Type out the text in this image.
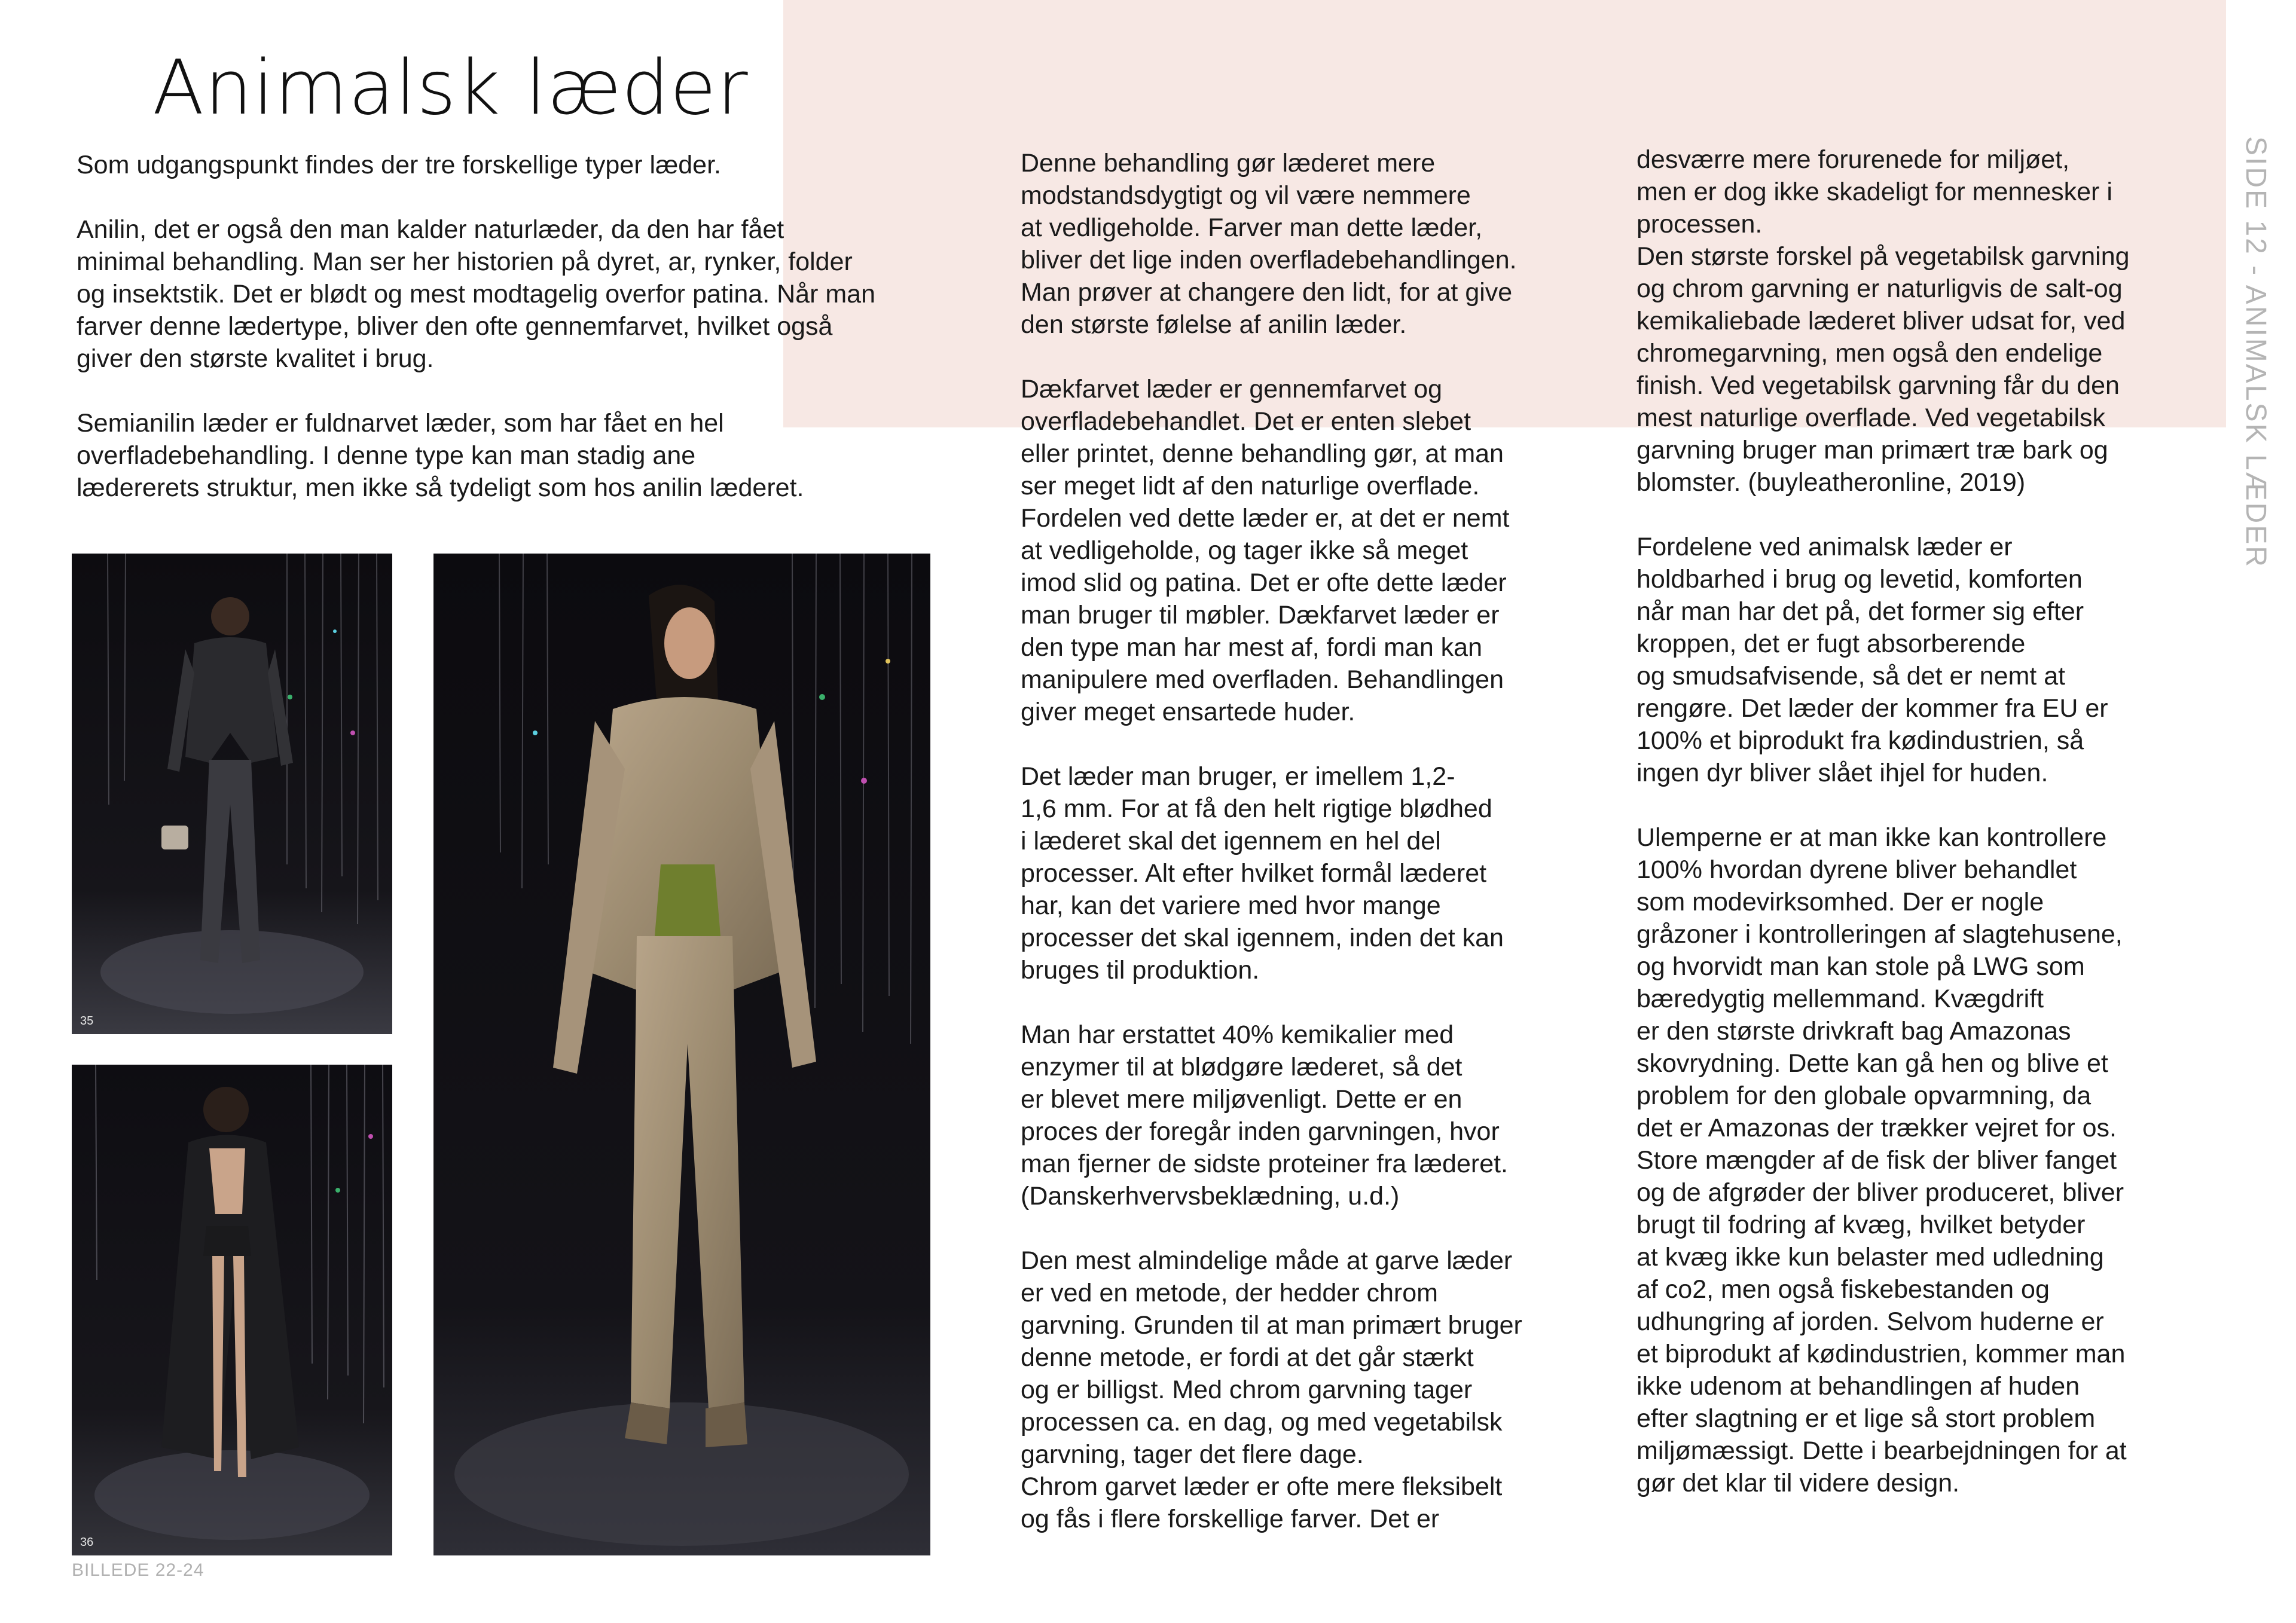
Animalsk læder
SIDE 12 - ANIMALSK LÆDER

Som udgangspunkt findes der tre forskellige typer læder.

Anilin, det er også den man kalder naturlæder, da den har fået
minimal behandling. Man ser her historien på dyret, ar, rynker, folder
og insektstik. Det er blødt og mest modtagelig overfor patina. Når man
farver denne lædertype, bliver den ofte gennemfarvet, hvilket også
giver den største kvalitet i brug.

Semianilin læder er fuldnarvet læder, som har fået en hel
overfladebehandling. I denne type kan man stadig ane
lædererets struktur, men ikke så tydeligt som hos anilin læderet.

35
36
BILLEDE 22-24

Denne behandling gør læderet mere
modstandsdygtigt og vil være nemmere
at vedligeholde. Farver man dette læder,
bliver det lige inden overfladebehandlingen.
Man prøver at changere den lidt, for at give
den største følelse af anilin læder.

Dækfarvet læder er gennemfarvet og
overfladebehandlet. Det er enten slebet
eller printet, denne behandling gør, at man
ser meget lidt af den naturlige overflade.
Fordelen ved dette læder er, at det er nemt
at vedligeholde, og tager ikke så meget
imod slid og patina. Det er ofte dette læder
man bruger til møbler. Dækfarvet læder er
den type man har mest af, fordi man kan
manipulere med overfladen. Behandlingen
giver meget ensartede huder.

Det læder man bruger, er imellem 1,2-
1,6 mm. For at få den helt rigtige blødhed
i læderet skal det igennem en hel del
processer. Alt efter hvilket formål læderet
har, kan det variere med hvor mange
processer det skal igennem, inden det kan
bruges til produktion.

Man har erstattet 40% kemikalier med
enzymer til at blødgøre læderet, så det
er blevet mere miljøvenligt. Dette er en
proces der foregår inden garvningen, hvor
man fjerner de sidste proteiner fra læderet.
(Danskerhvervsbeklædning, u.d.)

Den mest almindelige måde at garve læder
er ved en metode, der hedder chrom
garvning. Grunden til at man primært bruger
denne metode, er fordi at det går stærkt
og er billigst. Med chrom garvning tager
processen ca. en dag, og med vegetabilsk
garvning, tager det flere dage.
Chrom garvet læder er ofte mere fleksibelt
og fås i flere forskellige farver. Det er

desværre mere forurenede for miljøet,
men er dog ikke skadeligt for mennesker i
processen.
Den største forskel på vegetabilsk garvning
og chrom garvning er naturligvis de salt-og
kemikaliebade læderet bliver udsat for, ved
chromegarvning, men også den endelige
finish. Ved vegetabilsk garvning får du den
mest naturlige overflade. Ved vegetabilsk
garvning bruger man primært træ bark og
blomster. (buyleatheronline, 2019)

Fordelene ved animalsk læder er
holdbarhed i brug og levetid, komforten
når man har det på, det former sig efter
kroppen, det er fugt absorberende
og smudsafvisende, så det er nemt at
rengøre. Det læder der kommer fra EU er
100% et biprodukt fra kødindustrien, så
ingen dyr bliver slået ihjel for huden.

Ulemperne er at man ikke kan kontrollere
100% hvordan dyrene bliver behandlet
som modevirksomhed. Der er nogle
gråzoner i kontrolleringen af slagtehusene,
og hvorvidt man kan stole på LWG som
bæredygtig mellemmand. Kvægdrift
er den største drivkraft bag Amazonas
skovrydning. Dette kan gå hen og blive et
problem for den globale opvarmning, da
det er Amazonas der trækker vejret for os.
Store mængder af de fisk der bliver fanget
og de afgrøder der bliver produceret, bliver
brugt til fodring af kvæg, hvilket betyder
at kvæg ikke kun belaster med udledning
af co2, men også fiskebestanden og
udhungring af jorden. Selvom huderne er
et biprodukt af kødindustrien, kommer man
ikke udenom at behandlingen af huden
efter slagtning er et lige så stort problem
miljømæssigt. Dette i bearbejdningen for at
gør det klar til videre design.
